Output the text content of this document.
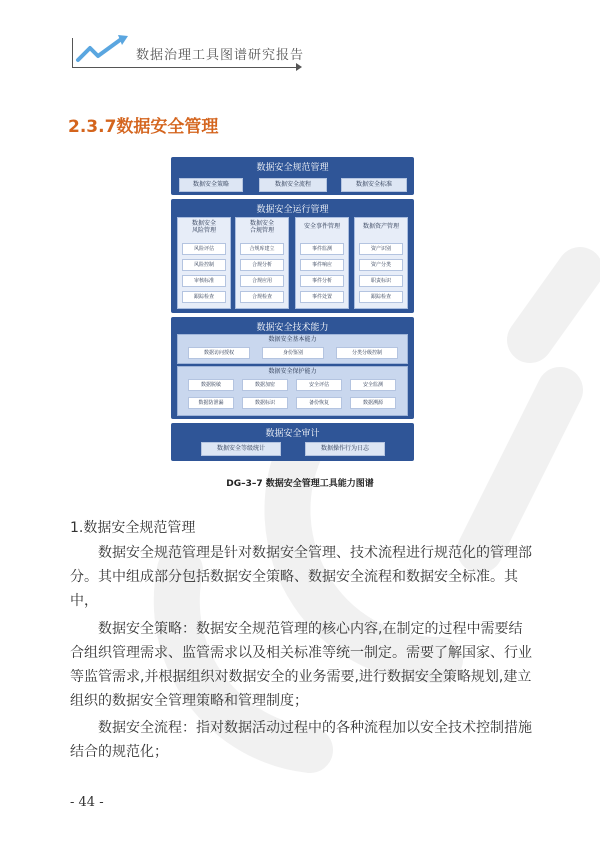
数据治理工具图谱研究报告
2.3.7数据安全管理
数据安全规范管理
数据安全策略	数据安全流程	数据安全标准
数据安全运行管理
数据安全
风险管理
风险评估
风险控制
审核标准
跟踪检查
数据安全
合规管理
合规库建立
合规分析
合规应用
合规检查
安全事件管理
事件监测
事件响应
事件分析
事件处置
数据资产管理
资产识别
资产分类
职责标识
跟踪检查
数据安全技术能力
数据安全基本能力
数据访问授权	身份鉴别	分类分级控制
数据安全保护能力
数据脱敏	数据加密	安全评估	安全监测
数据防泄漏	数据标识	备份恢复	数据溯源
数据安全审计
数据安全等级统计	数据操作行为日志
DG–3–7 数据安全管理工具能力图谱
1.数据安全规范管理
数据安全规范管理是针对数据安全管理、技术流程进行规范化的管理部分。其中组成部分包括数据安全策略、数据安全流程和数据安全标准。其中，
数据安全策略：数据安全规范管理的核心内容,在制定的过程中需要结合组织管理需求、监管需求以及相关标准等统一制定。需要了解国家、行业等监管需求,并根据组织对数据安全的业务需要,进行数据安全策略规划,建立组织的数据安全管理策略和管理制度；
数据安全流程：指对数据活动过程中的各种流程加以安全技术控制措施结合的规范化；
- 44 -
